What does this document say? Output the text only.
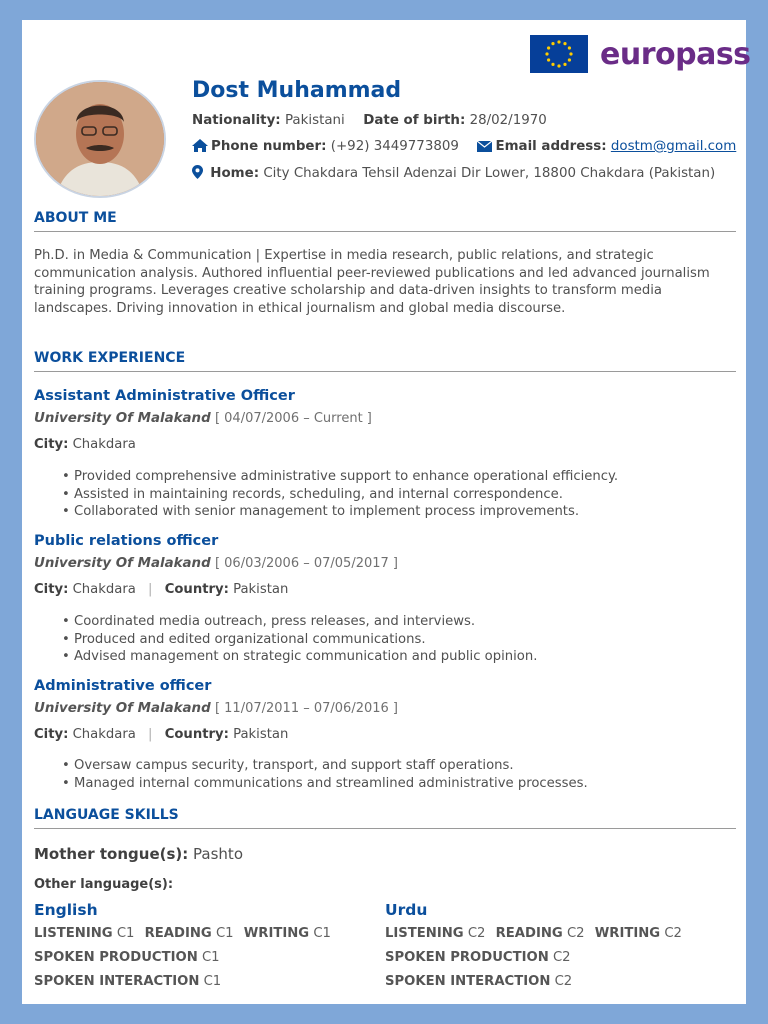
europass
Dost Muhammad
Nationality: Pakistani Date of birth: 28/02/1970
Phone number: (+92) 3449773809	Email address: dostm@gmail.com
Home: City Chakdara Tehsil Adenzai Dir Lower, 18800 Chakdara (Pakistan)
ABOUT ME
Ph.D. in Media & Communication | Expertise in media research, public relations, and strategic communication analysis. Authored influential peer-reviewed publications and led advanced journalism training programs. Leverages creative scholarship and data-driven insights to transform media landscapes. Driving innovation in ethical journalism and global media discourse.
WORK EXPERIENCE
Assistant Administrative Officer
University Of Malakand [ 04/07/2006 – Current ]
City: Chakdara
• Provided comprehensive administrative support to enhance operational efficiency.
• Assisted in maintaining records, scheduling, and internal correspondence.
• Collaborated with senior management to implement process improvements.
Public relations officer
University Of Malakand [ 06/03/2006 – 07/05/2017 ]
City: Chakdara | Country: Pakistan
• Coordinated media outreach, press releases, and interviews.
• Produced and edited organizational communications.
• Advised management on strategic communication and public opinion.
Administrative officer
University Of Malakand [ 11/07/2011 – 07/06/2016 ]
City: Chakdara | Country: Pakistan
• Oversaw campus security, transport, and support staff operations.
• Managed internal communications and streamlined administrative processes.
LANGUAGE SKILLS
Mother tongue(s): Pashto
Other language(s):
English
LISTENING C1 READING C1 WRITING C1
SPOKEN PRODUCTION C1
SPOKEN INTERACTION C1
Urdu
LISTENING C2 READING C2 WRITING C2
SPOKEN PRODUCTION C2
SPOKEN INTERACTION C2
